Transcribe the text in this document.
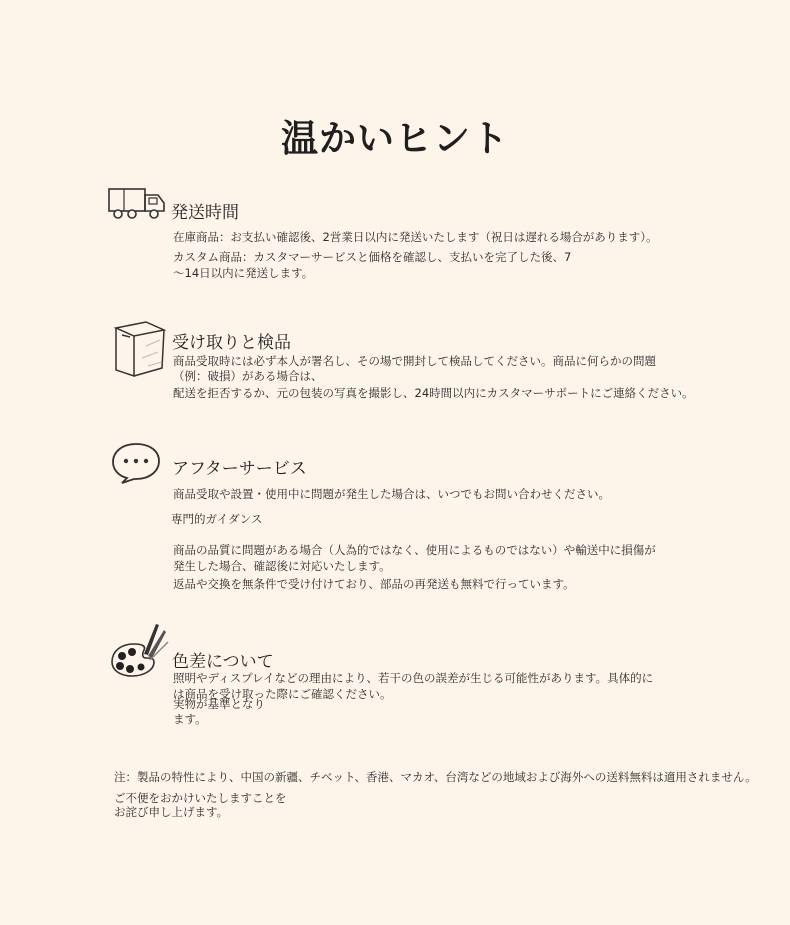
温かいヒント
発送時間
在庫商品：お支払い確認後、2営業日以内に発送いたします（祝日は遅れる場合があります）。
カスタム商品：カスタマーサービスと価格を確認し、支払いを完了した後、7
〜14日以内に発送します。
受け取りと検品
商品受取時には必ず本人が署名し、その場で開封して検品してください。商品に何らかの問題
（例：破損）がある場合は、
配送を拒否するか、元の包装の写真を撮影し、24時間以内にカスタマーサポートにご連絡ください。
アフターサービス
商品受取や設置・使用中に問題が発生した場合は、いつでもお問い合わせください。
専門的ガイダンス
商品の品質に問題がある場合（人為的ではなく、使用によるものではない）や輸送中に損傷が
発生した場合、確認後に対応いたします。
返品や交換を無条件で受け付けており、部品の再発送も無料で行っています。
色差について
照明やディスプレイなどの理由により、若干の色の誤差が生じる可能性があります。具体的に
は商品を受け取った際にご確認ください。
実物が基準となり
ます。
注：製品の特性により、中国の新疆、チベット、香港、マカオ、台湾などの地域および海外への送料無料は適用されません。
ご不便をおかけいたしますことを
お詫び申し上げます。
